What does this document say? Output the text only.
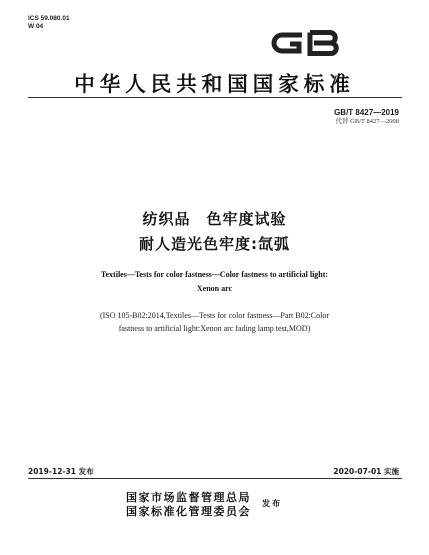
ICS 59.080.01
W 04
GB
中华人民共和国国家标准
GB/T 8427—2019
代替 GB/T 8427—2008
纺织品　色牢度试验
耐人造光色牢度:氙弧
Textiles—Tests for color fastness—Color fastness to artificial light:
Xenon arc
(ISO 105-B02:2014,Textiles—Tests for color fastness—Part B02:Color
fastness to artificial light:Xenon arc fading lamp test,MOD)
2019-12-31 发布	2020-07-01 实施
国家市场监督管理总局
国家标准化管理委员会
发布
